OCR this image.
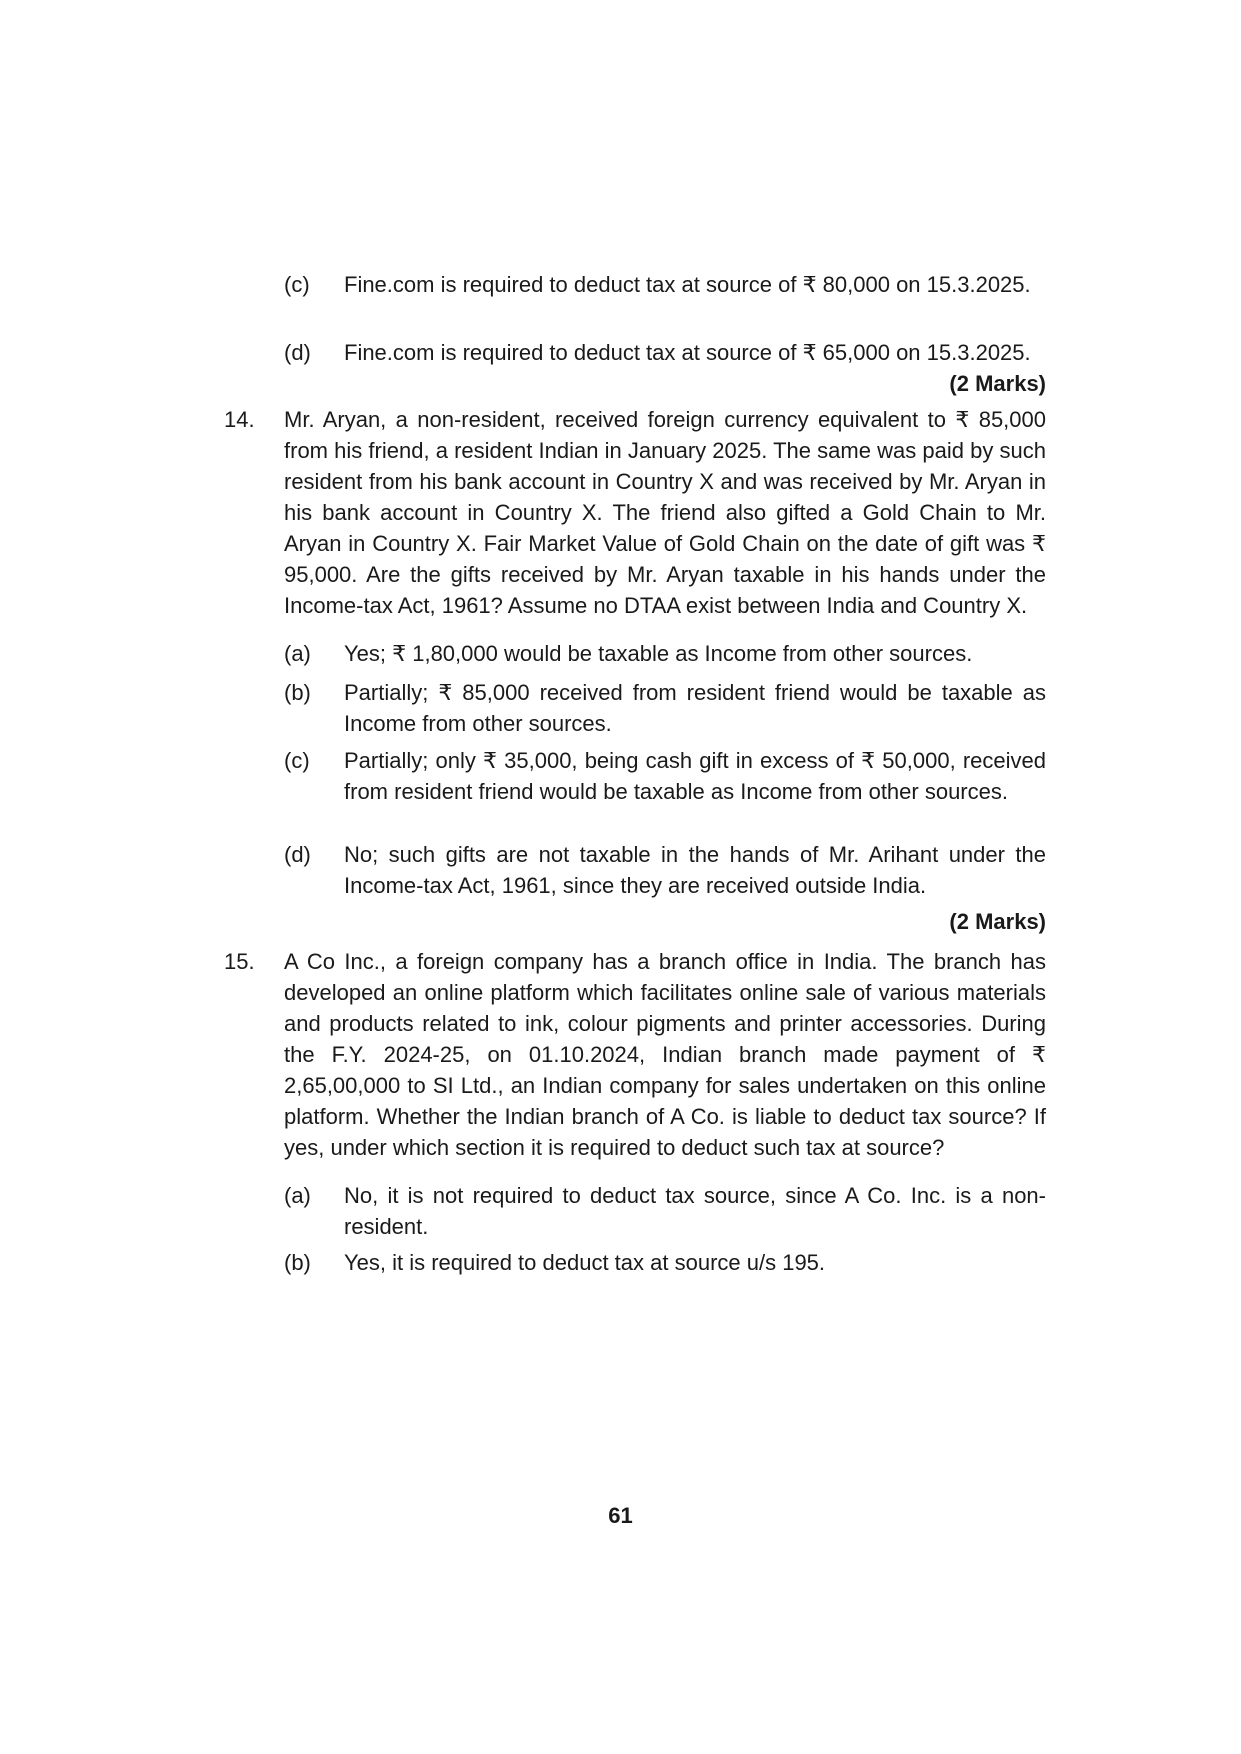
(c)	Fine.com is required to deduct tax at source of ₹ 80,000 on 15.3.2025.
(d)	Fine.com is required to deduct tax at source of ₹ 65,000 on 15.3.2025.
(2 Marks)
14.	Mr. Aryan, a non-resident, received foreign currency equivalent to ₹ 85,000 from his friend, a resident Indian in January 2025. The same was paid by such resident from his bank account in Country X and was received by Mr. Aryan in his bank account in Country X. The friend also gifted a Gold Chain to Mr. Aryan in Country X. Fair Market Value of Gold Chain on the date of gift was ₹ 95,000. Are the gifts received by Mr. Aryan taxable in his hands under the Income-tax Act, 1961? Assume no DTAA exist between India and Country X.
(a)	Yes; ₹ 1,80,000 would be taxable as Income from other sources.
(b)	Partially; ₹ 85,000 received from resident friend would be taxable as Income from other sources.
(c)	Partially; only ₹ 35,000, being cash gift in excess of ₹ 50,000, received from resident friend would be taxable as Income from other sources.
(d)	No; such gifts are not taxable in the hands of Mr. Arihant under the Income-tax Act, 1961, since they are received outside India.
(2 Marks)
15.	A Co Inc., a foreign company has a branch office in India. The branch has developed an online platform which facilitates online sale of various materials and products related to ink, colour pigments and printer accessories. During the F.Y. 2024-25, on 01.10.2024, Indian branch made payment of ₹ 2,65,00,000 to SI Ltd., an Indian company for sales undertaken on this online platform. Whether the Indian branch of A Co. is liable to deduct tax source? If yes, under which section it is required to deduct such tax at source?
(a)	No, it is not required to deduct tax source, since A Co. Inc. is a non-resident.
(b)	Yes, it is required to deduct tax at source u/s 195.
61
